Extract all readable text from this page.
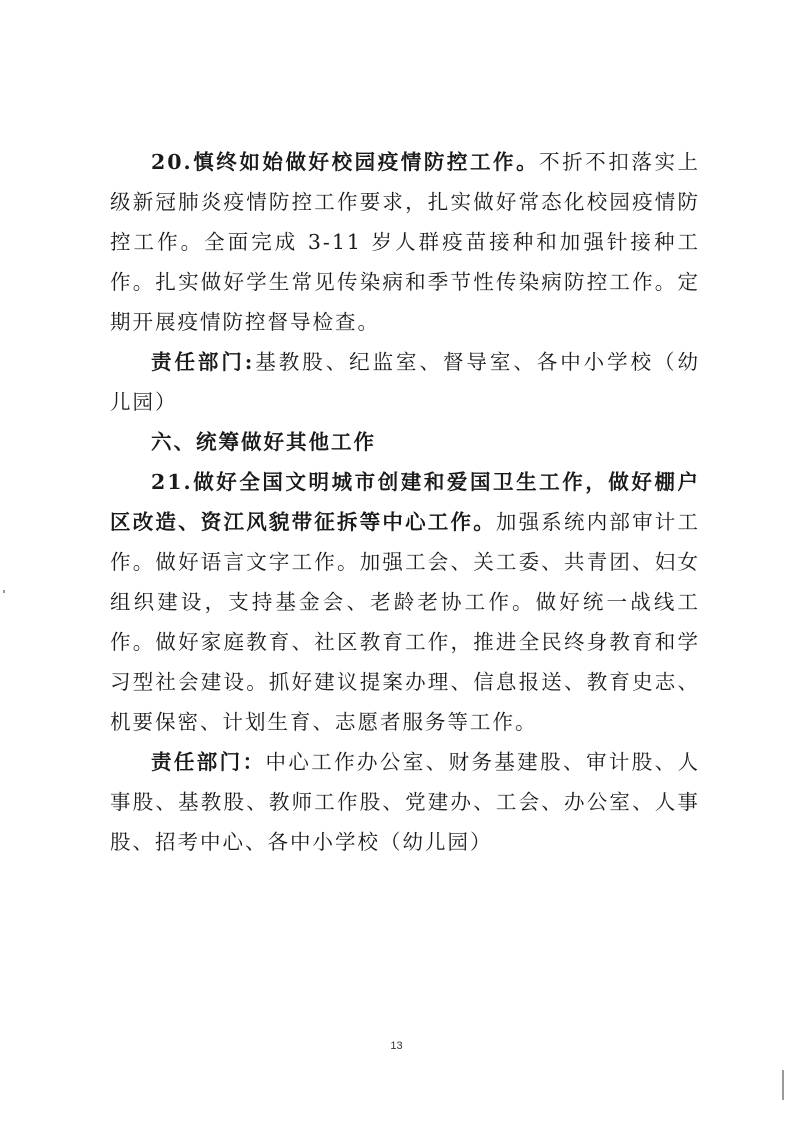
20.慎终如始做好校园疫情防控工作。不折不扣落实上级新冠肺炎疫情防控工作要求，扎实做好常态化校园疫情防控工作。全面完成 3-11 岁人群疫苗接种和加强针接种工作。扎实做好学生常见传染病和季节性传染病防控工作。定期开展疫情防控督导检查。

责任部门:基教股、纪监室、督导室、各中小学校（幼儿园）

六、统筹做好其他工作

21.做好全国文明城市创建和爱国卫生工作，做好棚户区改造、资江风貌带征拆等中心工作。加强系统内部审计工作。做好语言文字工作。加强工会、关工委、共青团、妇女组织建设，支持基金会、老龄老协工作。做好统一战线工作。做好家庭教育、社区教育工作，推进全民终身教育和学习型社会建设。抓好建议提案办理、信息报送、教育史志、机要保密、计划生育、志愿者服务等工作。

责任部门：中心工作办公室、财务基建股、审计股、人事股、基教股、教师工作股、党建办、工会、办公室、人事股、招考中心、各中小学校（幼儿园）

13
